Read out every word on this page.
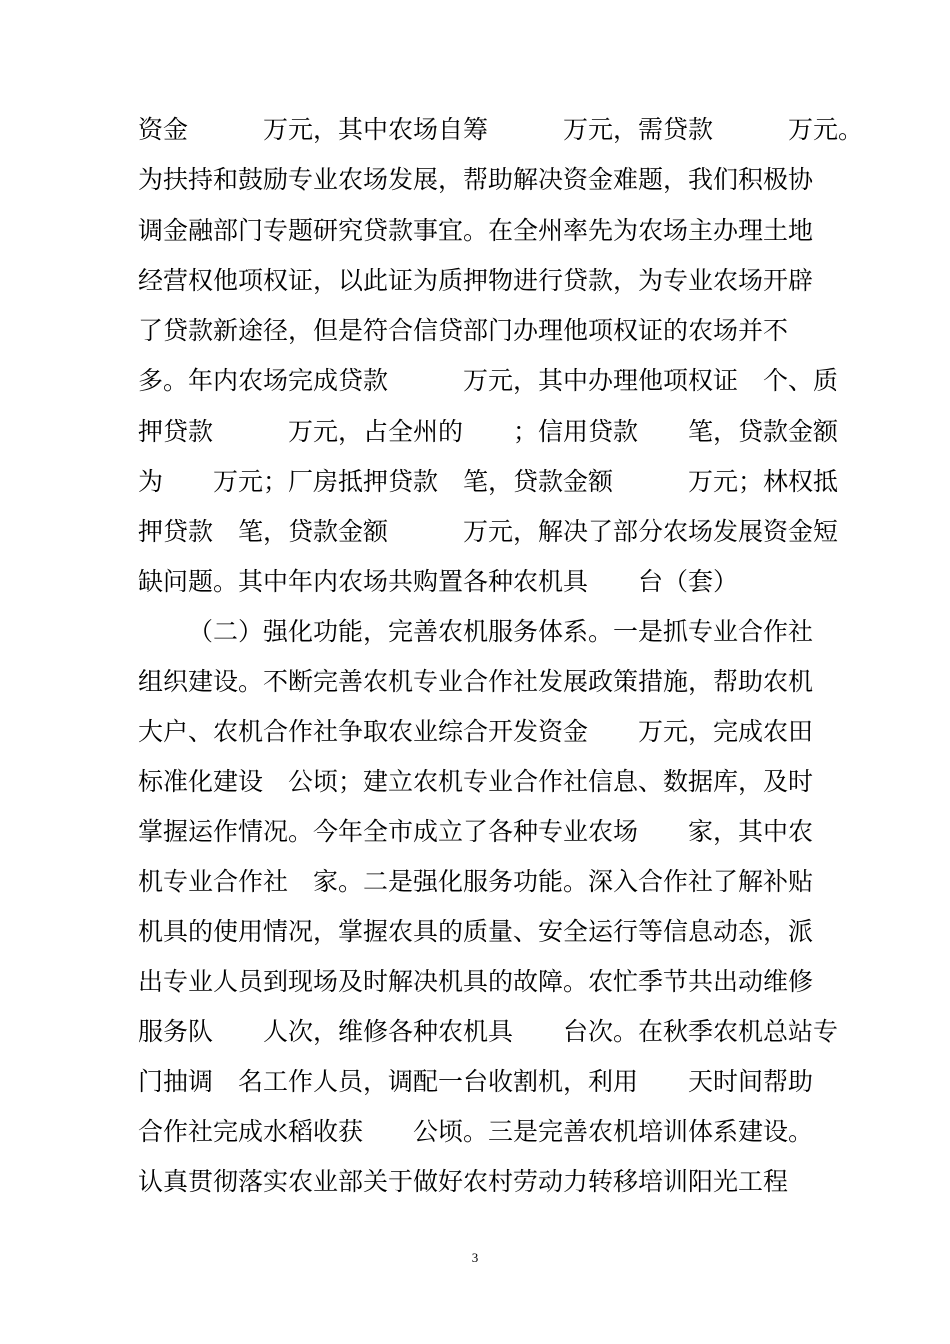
资金　　　万元，其中农场自筹　　　万元，需贷款　　　万元。
为扶持和鼓励专业农场发展，帮助解决资金难题，我们积极协
调金融部门专题研究贷款事宜。在全州率先为农场主办理土地
经营权他项权证，以此证为质押物进行贷款，为专业农场开辟
了贷款新途径，但是符合信贷部门办理他项权证的农场并不
多。年内农场完成贷款　　　万元，其中办理他项权证　个、质
押贷款　　　万元，占全州的　　；信用贷款　　笔，贷款金额
为　　万元；厂房抵押贷款　笔，贷款金额　　　万元；林权抵
押贷款　笔，贷款金额　　　万元，解决了部分农场发展资金短
缺问题。其中年内农场共购置各种农机具　　台（套）
（二）强化功能，完善农机服务体系。一是抓专业合作社
组织建设。不断完善农机专业合作社发展政策措施，帮助农机
大户、农机合作社争取农业综合开发资金　　万元，完成农田
标准化建设　公顷；建立农机专业合作社信息、数据库，及时
掌握运作情况。今年全市成立了各种专业农场　　家，其中农
机专业合作社　家。二是强化服务功能。深入合作社了解补贴
机具的使用情况，掌握农具的质量、安全运行等信息动态，派
出专业人员到现场及时解决机具的故障。农忙季节共出动维修
服务队　　人次，维修各种农机具　　台次。在秋季农机总站专
门抽调　名工作人员，调配一台收割机，利用　　天时间帮助
合作社完成水稻收获　　公顷。三是完善农机培训体系建设。
认真贯彻落实农业部关于做好农村劳动力转移培训阳光工程
3
